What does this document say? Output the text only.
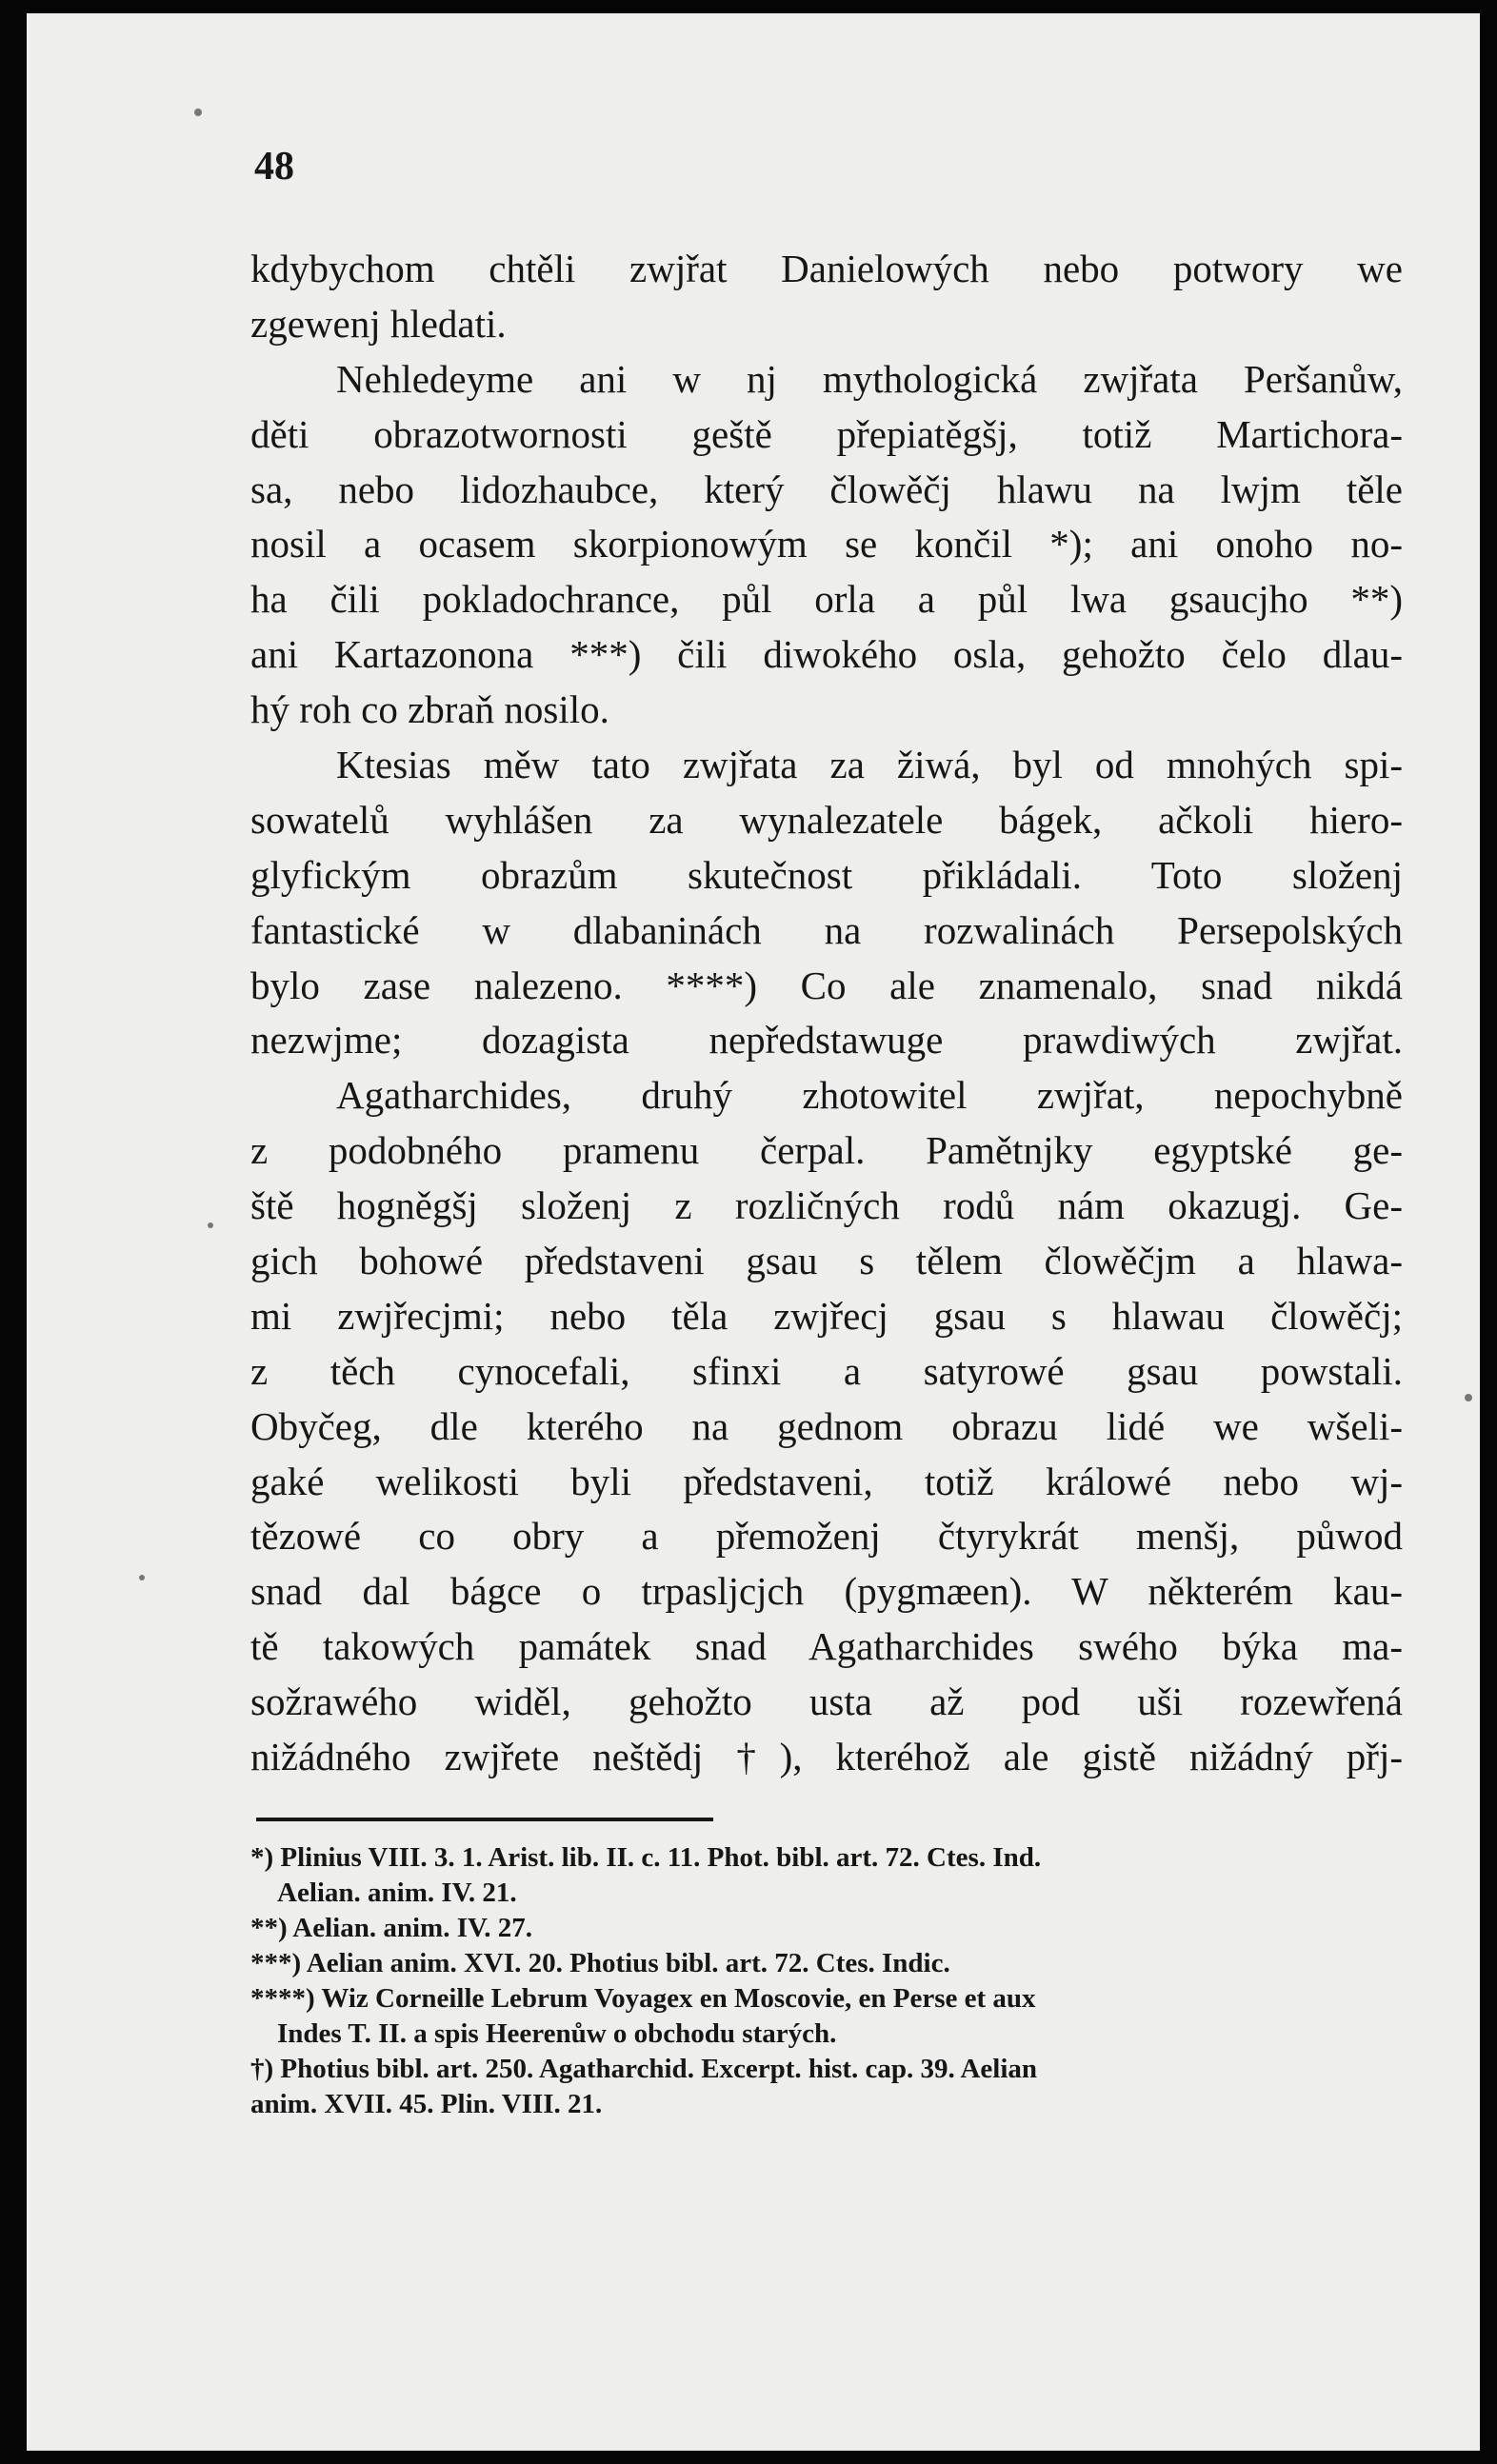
48
kdybychom chtěli zwjřat Danielowých nebo potwory we
zgewenj hledati.
Nehledeyme ani w nj mythologická zwjřata Peršanůw,
děti obrazotwornosti geště přepiatěgšj, totiž Martichora-
sa, nebo lidozhaubce, který člowěčj hlawu na lwjm těle
nosil a ocasem skorpionowým se končil *); ani onoho no-
ha čili pokladochrance, půl orla a půl lwa gsaucjho **)
ani Kartazonona ***) čili diwokého osla, gehožto čelo dlau-
hý roh co zbraň nosilo.
Ktesias měw tato zwjřata za žiwá, byl od mnohých spi-
sowatelů wyhlášen za wynalezatele bágek, ačkoli hiero-
glyfickým obrazům skutečnost přikládali. Toto složenj
fantastické w dlabaninách na rozwalinách Persepolských
bylo zase nalezeno. ****) Co ale znamenalo, snad nikdá
nezwjme; dozagista nepředstawuge prawdiwých zwjřat.
Agatharchides, druhý zhotowitel zwjřat, nepochybně
z podobného pramenu čerpal. Pamětnjky egyptské ge-
ště hogněgšj složenj z rozličných rodů nám okazugj. Ge-
gich bohowé představeni gsau s tělem člowěčjm a hlawa-
mi zwjřecjmi; nebo těla zwjřecj gsau s hlawau člowěčj;
z těch cynocefali, sfinxi a satyrowé gsau powstali.
Obyčeg, dle kterého na gednom obrazu lidé we wšeli-
gaké welikosti byli představeni, totiž králowé nebo wj-
tězowé co obry a přemoženj čtyrykrát menšj, půwod
snad dal bágce o trpasljcjch (pygmæen). W některém kau-
tě takowých památek snad Agatharchides swého býka ma-
sožrawého widěl, gehožto usta až pod uši rozewřená
nižádného zwjřete neštědj †), kteréhož ale gistě nižádný přj-
*) Plinius VIII. 3. 1. Arist. lib. II. c. 11. Phot. bibl. art. 72. Ctes. Ind.
Aelian. anim. IV. 21.
**) Aelian. anim. IV. 27.
***) Aelian anim. XVI. 20. Photius bibl. art. 72. Ctes. Indic.
****) Wiz Corneille Lebrum Voyagex en Moscovie, en Perse et aux
Indes T. II. a spis Heerenůw o obchodu starých.
†) Photius bibl. art. 250. Agatharchid. Excerpt. hist. cap. 39. Aelian
anim. XVII. 45. Plin. VIII. 21.
